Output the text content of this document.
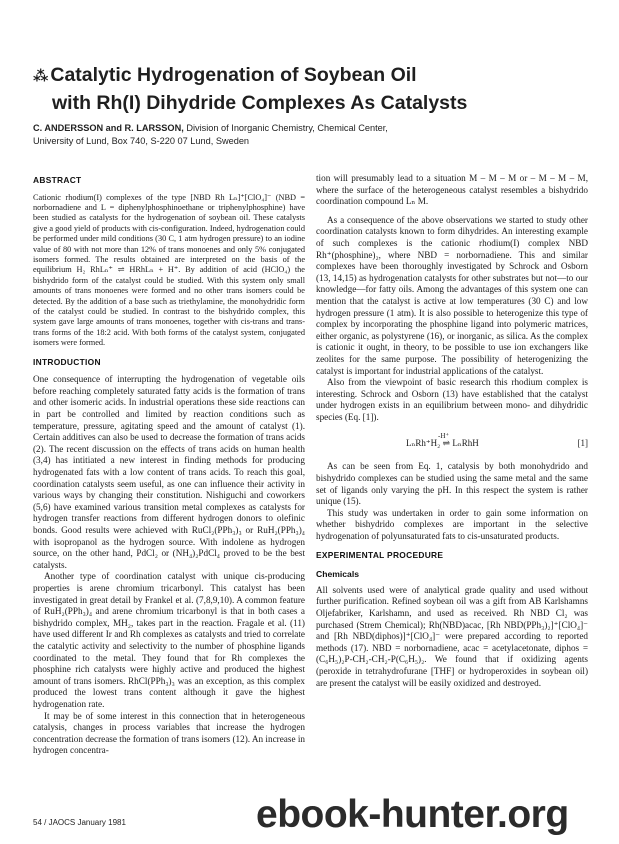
⁂ Catalytic Hydrogenation of Soybean Oil
with Rh(I) Dihydride Complexes As Catalysts
C. ANDERSSON and R. LARSSON, Division of Inorganic Chemistry, Chemical Center,
University of Lund, Box 740, S-220 07 Lund, Sweden
ABSTRACT
Cationic rhodium(I) complexes of the type [NBD Rh Lₙ]⁺[ClO₄]⁻ (NBD = norbornadiene and L = diphenylphosphinoethane or triphenylphosphine) have been studied as catalysts for the hydrogenation of soybean oil. These catalysts give a good yield of products with cis-configuration. Indeed, hydrogenation could be performed under mild conditions (30 C, 1 atm hydrogen pressure) to an iodine value of 80 with not more than 12% of trans monoenes and only 5% conjugated isomers formed. The results obtained are interpreted on the basis of the equilibrium H₂ RhLₙ⁺ ⇌ HRhLₙ + H⁺. By addition of acid (HClO₄) the bishydrido form of the catalyst could be studied. With this system only small amounts of trans monoenes were formed and no other trans isomers could be detected. By the addition of a base such as triethylamine, the monohydridic form of the catalyst could be studied. In contrast to the bishydrido complex, this system gave large amounts of trans monoenes, together with cis-trans and trans-trans forms of the 18:2 acid. With both forms of the catalyst system, conjugated isomers were formed.
INTRODUCTION

One consequence of interrupting the hydrogenation of vegetable oils before reaching completely saturated fatty acids is the formation of trans and other isomeric acids. In industrial operations these side reactions can in part be controlled and limited by reaction conditions such as temperature, pressure, agitating speed and the amount of catalyst (1). Certain additives can also be used to decrease the formation of trans acids (2). The recent discussion on the effects of trans acids on human health (3,4) has intitiated a new interest in finding methods for producing hydrogenated fats with a low content of trans acids. To reach this goal, coordination catalysts seem useful, as one can influence their activity in various ways by changing their constitution. Nishiguchi and coworkers (5,6) have examined various transition metal complexes as catalysts for hydrogen transfer reactions from different hydrogen donors to olefinic bonds. Good results were achieved with RuCl₂(PPh₃)₃ or RuH₂(PPh₃)₄ with isopropanol as the hydrogen source. With indolene as hydrogen source, on the other hand, PdCl₂ or (NH₄)₂PdCl₄ proved to be the best catalysts.

Another type of coordination catalyst with unique cis-producing properties is arene chromium tricarbonyl. This catalyst has been investigated in great detail by Frankel et al. (7,8,9,10). A common feature of RuH₂(PPh₃)₄ and arene chromium tricarbonyl is that in both cases a bishydrido complex, MH₂, takes part in the reaction. Fragale et al. (11) have used different Ir and Rh complexes as catalysts and tried to correlate the catalytic activity and selectivity to the number of phosphine ligands coordinated to the metal. They found that for Rh complexes the phosphine rich catalysts were highly active and produced the highest amount of trans isomers. RhCl(PPh₃)₃ was an exception, as this complex produced the lowest trans content although it gave the highest hydrogenation rate.

It may be of some interest in this connection that in heterogeneous catalysis, changes in process variables that increase the hydrogen concentration decrease the formation of trans isomers (12). An increase in hydrogen concentra-

tion will presumably lead to a situation M – M – M or – M – M – M, where the surface of the heterogeneous catalyst resembles a bishydrido coordination compound Lₙ M.

As a consequence of the above observations we started to study other coordination catalysts known to form dihydrides. An interesting example of such complexes is the cationic rhodium(I) complex NBD Rh⁺(phosphine)₂, where NBD = norbornadiene. This and similar complexes have been thoroughly investigated by Schrock and Osborn (13, 14,15) as hydrogenation catalysts for other substrates but not—to our knowledge—for fatty oils. Among the advantages of this system one can mention that the catalyst is active at low temperatures (30 C) and low hydrogen pressure (1 atm). It is also possible to heterogenize this type of complex by incorporating the phosphine ligand into polymeric matrices, either organic, as polystyrene (16), or inorganic, as silica. As the complex is cationic it ought, in theory, to be possible to use ion exchangers like zeolites for the same purpose. The possibility of heterogenizing the catalyst is important for industrial applications of the catalyst.

Also from the viewpoint of basic research this rhodium complex is interesting. Schrock and Osborn (13) have established that the catalyst under hydrogen exists in an equilibrium between mono- and dihydridic species (Eq. [1]).

-H⁺
LₙRh⁺H₂ ⇌ LₙRhH	[1]

As can be seen from Eq. 1, catalysis by both monohydrido and bishydrido complexes can be studied using the same metal and the same set of ligands only varying the pH. In this respect the system is rather unique (15).

This study was undertaken in order to gain some information on whether bishydrido complexes are important in the selective hydrogenation of polyunsaturated fats to cis-unsaturated products.

EXPERIMENTAL PROCEDURE
Chemicals

All solvents used were of analytical grade quality and used without further purification. Refined soybean oil was a gift from AB Karlshamns Oljefabriker, Karlshamn, and used as received. Rh NBD Cl₂ was purchased (Strem Chemical); Rh(NBD)acac, [Rh NBD(PPh₃)₂]⁺[ClO₄]⁻ and [Rh NBD(diphos)]⁺[ClO₄]⁻ were prepared according to reported methods (17). NBD = norbornadiene, acac = acetylacetonate, diphos = (C₆H₅)₂P-CH₂-CH₂-P(C₆H₅)₂. We found that if oxidizing agents (peroxide in tetrahydrofurane [THF] or hydroperoxides in soybean oil) are present the catalyst will be easily oxidized and destroyed.

54 / JAOCS January 1981	ebook-hunter.org
